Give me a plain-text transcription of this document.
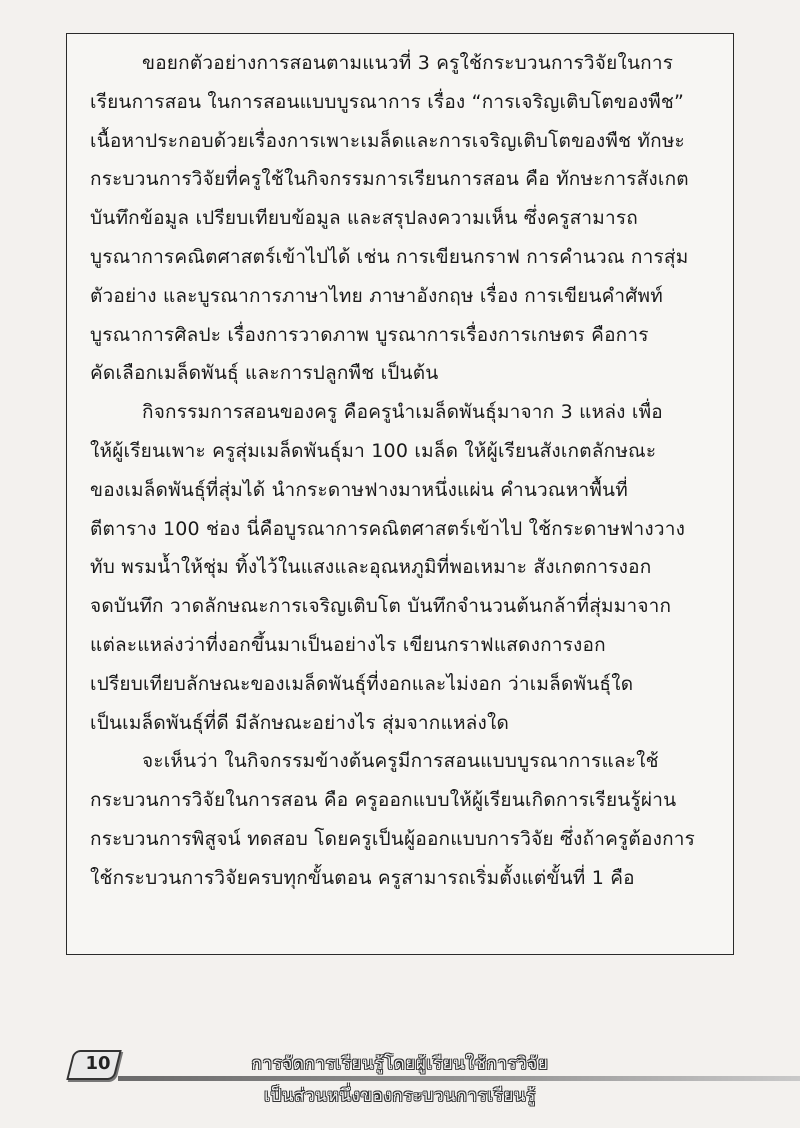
ขอยกตัวอย่างการสอนตามแนวที่ 3 ครูใช้กระบวนการวิจัยในการ
เรียนการสอน ในการสอนแบบบูรณาการ เรื่อง “การเจริญเติบโตของพืช”
เนื้อหาประกอบด้วยเรื่องการเพาะเมล็ดและการเจริญเติบโตของพืช ทักษะ
กระบวนการวิจัยที่ครูใช้ในกิจกรรมการเรียนการสอน คือ ทักษะการสังเกต
บันทึกข้อมูล เปรียบเทียบข้อมูล และสรุปลงความเห็น ซึ่งครูสามารถ
บูรณาการคณิตศาสตร์เข้าไปได้ เช่น การเขียนกราฟ การคำนวณ การสุ่ม
ตัวอย่าง และบูรณาการภาษาไทย ภาษาอังกฤษ เรื่อง การเขียนคำศัพท์
บูรณาการศิลปะ เรื่องการวาดภาพ บูรณาการเรื่องการเกษตร คือการ
คัดเลือกเมล็ดพันธุ์ และการปลูกพืช เป็นต้น
กิจกรรมการสอนของครู คือครูนำเมล็ดพันธุ์มาจาก 3 แหล่ง เพื่อ
ให้ผู้เรียนเพาะ ครูสุ่มเมล็ดพันธุ์มา 100 เมล็ด ให้ผู้เรียนสังเกตลักษณะ
ของเมล็ดพันธุ์ที่สุ่มได้ นำกระดาษฟางมาหนึ่งแผ่น คำนวณหาพื้นที่
ตีตาราง 100 ช่อง นี่คือบูรณาการคณิตศาสตร์เข้าไป ใช้กระดาษฟางวาง
ทับ พรมน้ำให้ชุ่ม ทิ้งไว้ในแสงและอุณหภูมิที่พอเหมาะ สังเกตการงอก
จดบันทึก วาดลักษณะการเจริญเติบโต บันทึกจำนวนต้นกล้าที่สุ่มมาจาก
แต่ละแหล่งว่าที่งอกขึ้นมาเป็นอย่างไร เขียนกราฟแสดงการงอก
เปรียบเทียบลักษณะของเมล็ดพันธุ์ที่งอกและไม่งอก ว่าเมล็ดพันธุ์ใด
เป็นเมล็ดพันธุ์ที่ดี มีลักษณะอย่างไร สุ่มจากแหล่งใด
จะเห็นว่า ในกิจกรรมข้างต้นครูมีการสอนแบบบูรณาการและใช้
กระบวนการวิจัยในการสอน คือ ครูออกแบบให้ผู้เรียนเกิดการเรียนรู้ผ่าน
กระบวนการพิสูจน์ ทดสอบ โดยครูเป็นผู้ออกแบบการวิจัย ซึ่งถ้าครูต้องการ
ใช้กระบวนการวิจัยครบทุกขั้นตอน ครูสามารถเริ่มตั้งแต่ขั้นที่ 1 คือ
10	การจัดการเรียนรู้โดยผู้เรียนใช้การวิจัย
เป็นส่วนหนึ่งของกระบวนการเรียนรู้
